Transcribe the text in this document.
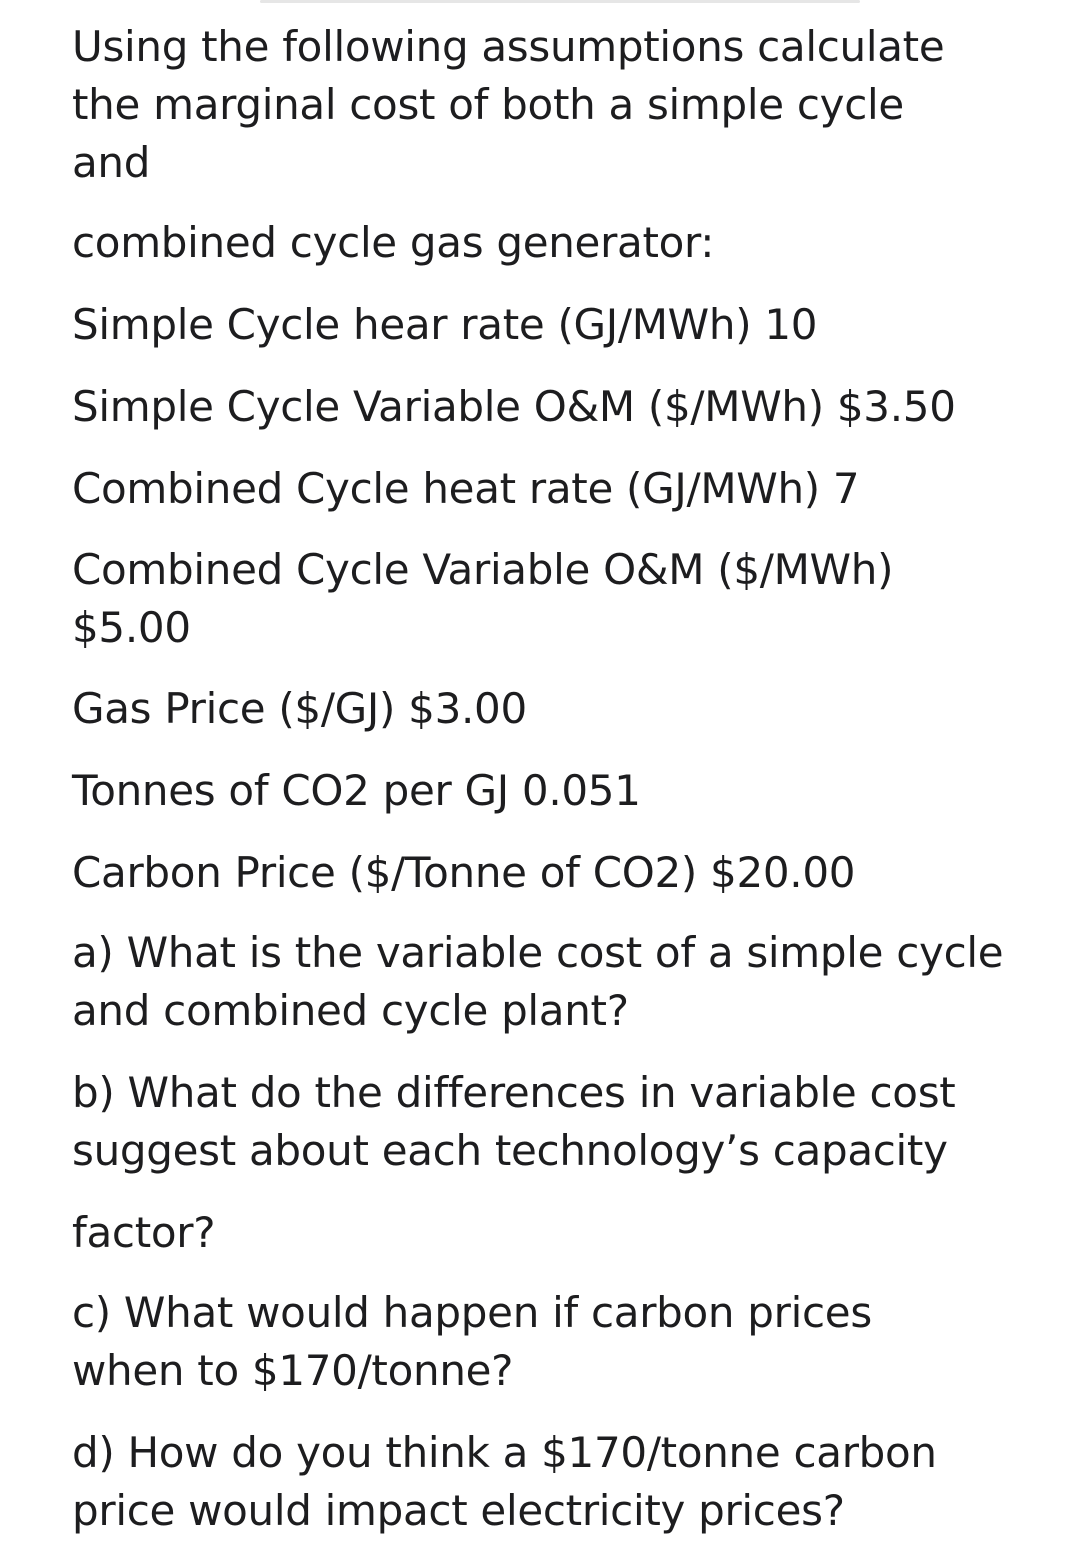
Using the following assumptions calculate
the marginal cost of both a simple cycle
and

combined cycle gas generator:

Simple Cycle hear rate (GJ/MWh) 10

Simple Cycle Variable O&M ($/MWh) $3.50

Combined Cycle heat rate (GJ/MWh) 7

Combined Cycle Variable O&M ($/MWh)
$5.00

Gas Price ($/GJ) $3.00

Tonnes of CO2 per GJ 0.051

Carbon Price ($/Tonne of CO2) $20.00

a) What is the variable cost of a simple cycle
and combined cycle plant?

b) What do the differences in variable cost
suggest about each technology’s capacity

factor?

c) What would happen if carbon prices
when to $170/tonne?

d) How do you think a $170/tonne carbon
price would impact electricity prices?
